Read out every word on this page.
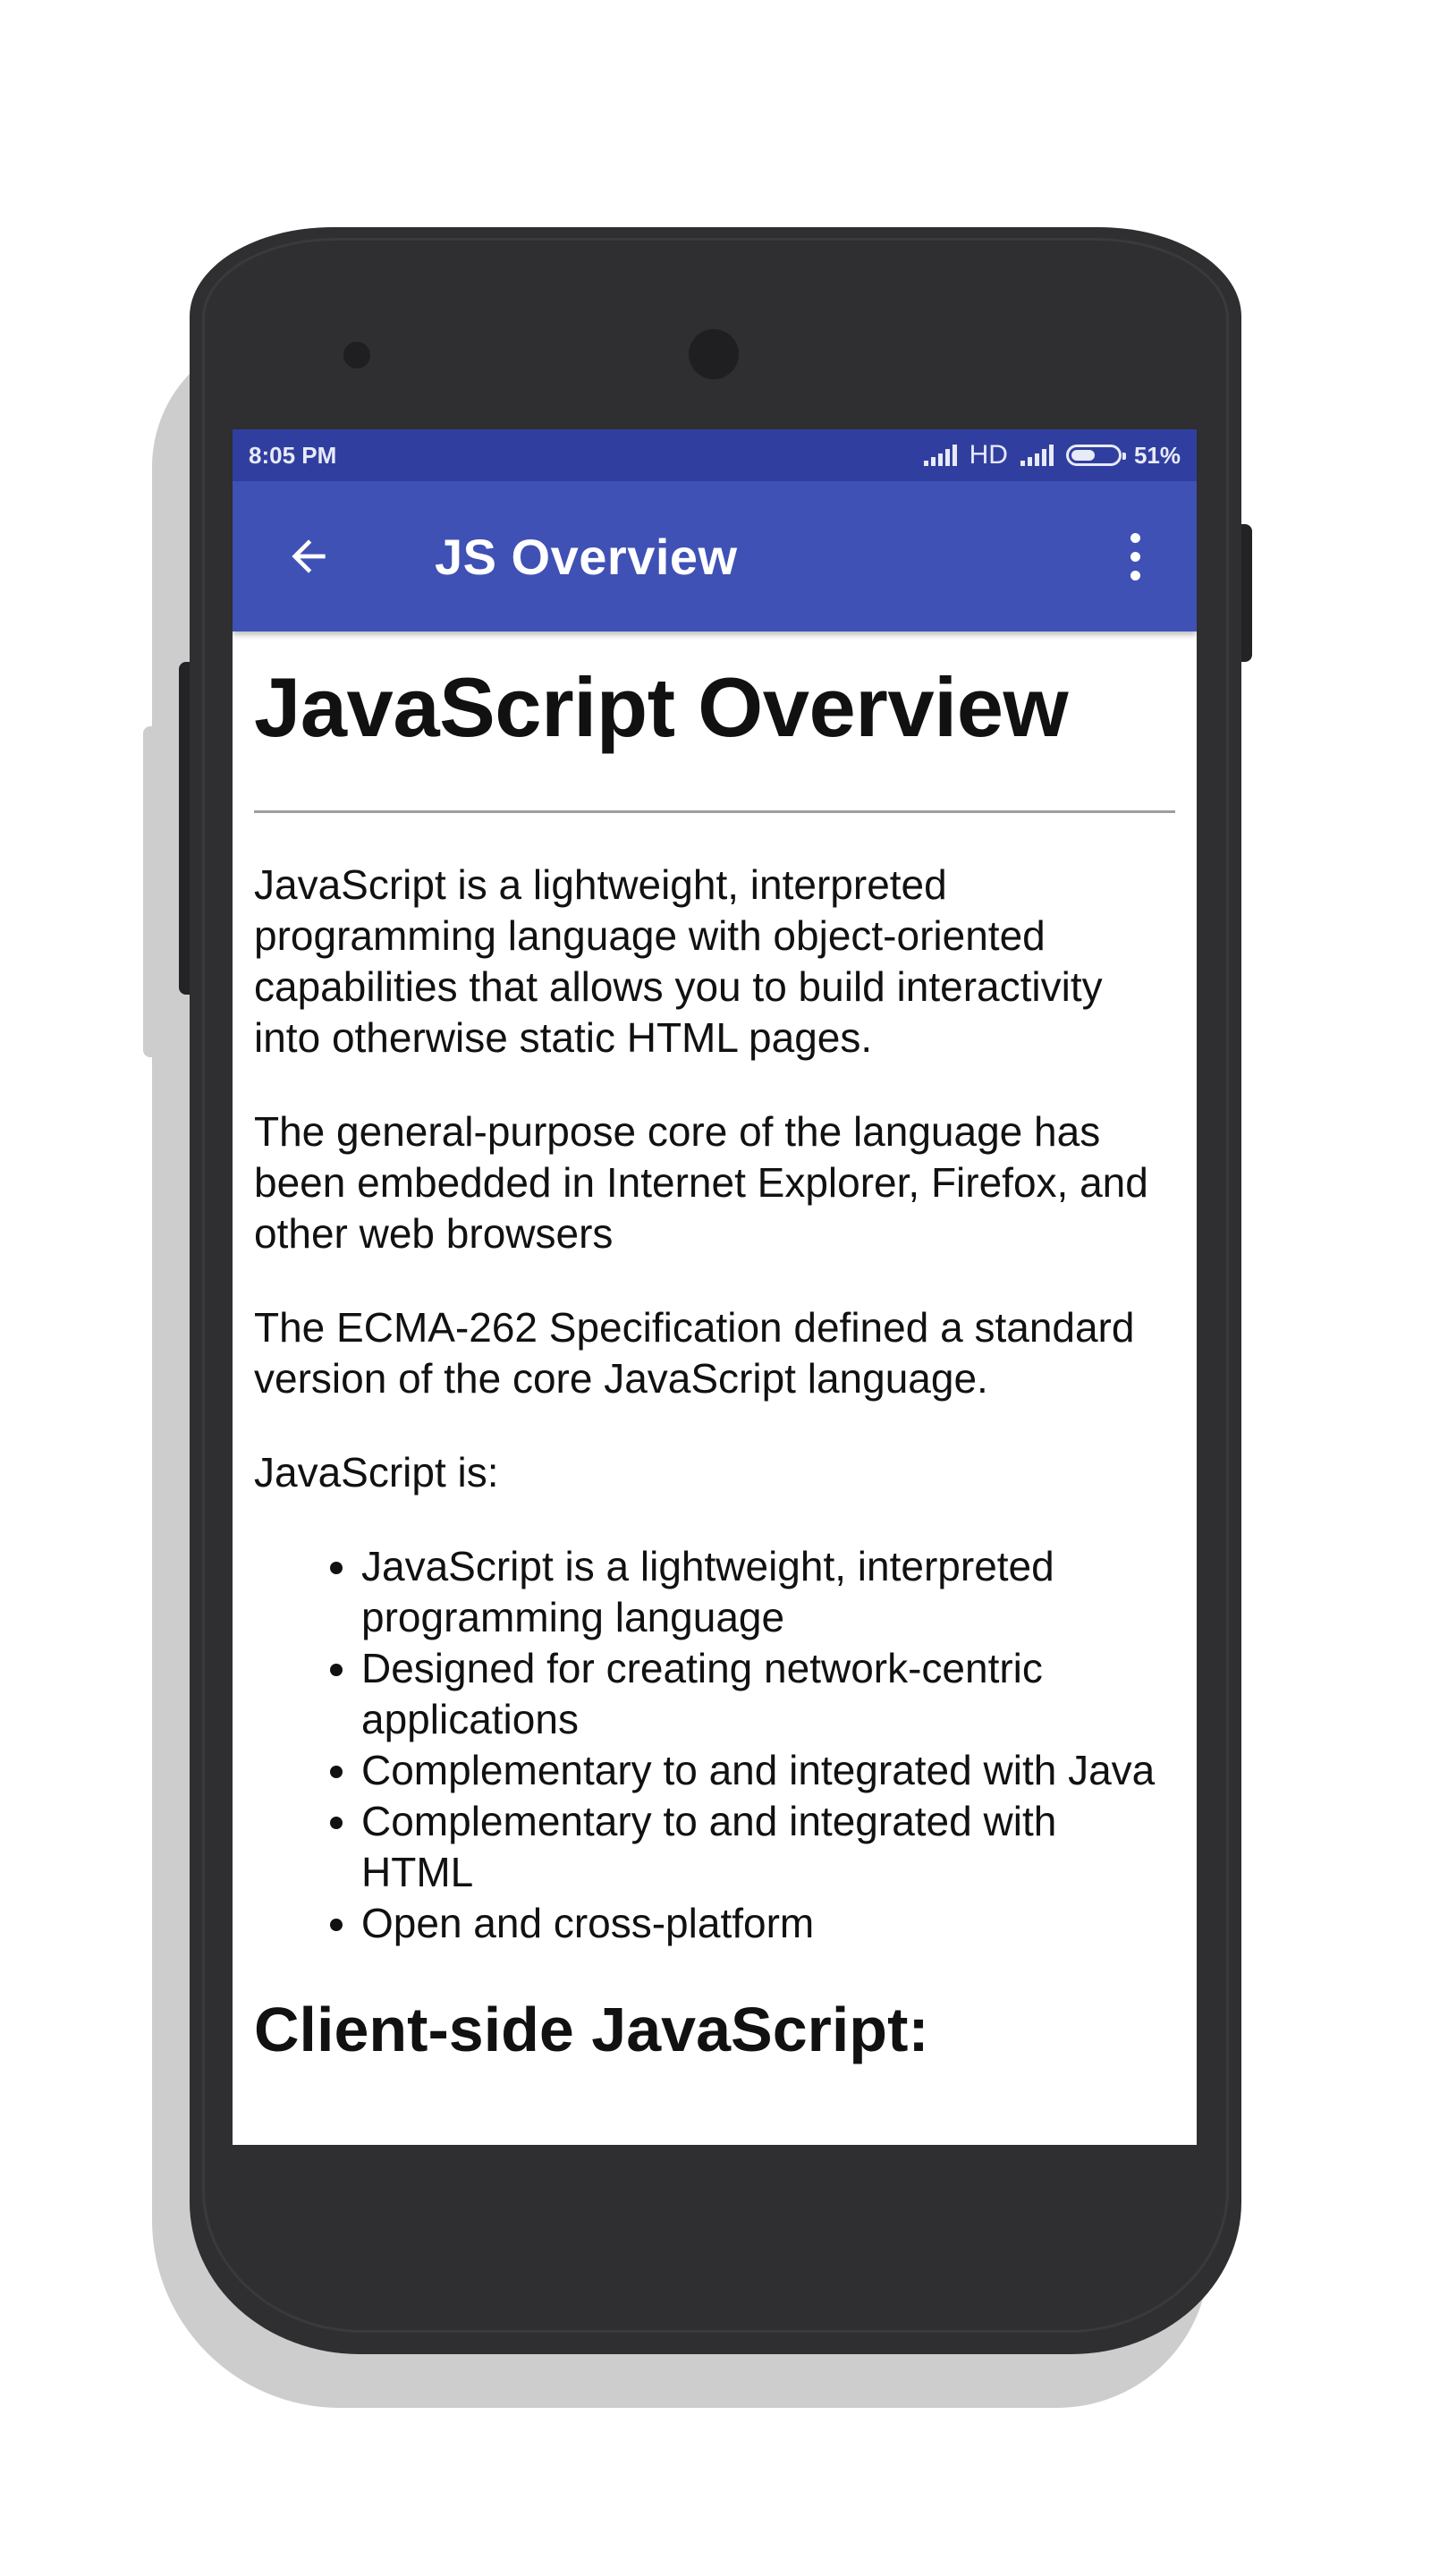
8:05 PM	HD	51%
JS Overview
JavaScript Overview

JavaScript is a lightweight, interpreted programming language with object-oriented capabilities that allows you to build interactivity into otherwise static HTML pages.

The general-purpose core of the language has been embedded in Internet Explorer, Firefox, and other web browsers

The ECMA-262 Specification defined a standard version of the core JavaScript language.

JavaScript is:

• JavaScript is a lightweight, interpreted programming language
• Designed for creating network-centric applications
• Complementary to and integrated with Java
• Complementary to and integrated with HTML
• Open and cross-platform
Client-side JavaScript:
